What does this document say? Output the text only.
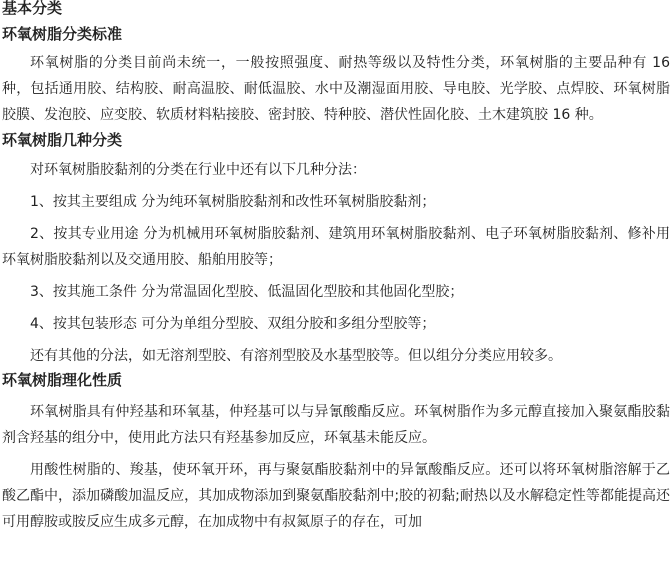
基本分类
环氧树脂分类标准
环氧树脂的分类目前尚未统一，一般按照强度、耐热等级以及特性分类，环氧树脂的主要品种有 16 种，包括通用胶、结构胶、耐高温胶、耐低温胶、水中及潮湿面用胶、导电胶、光学胶、点焊胶、环氧树脂胶膜、发泡胶、应变胶、软质材料粘接胶、密封胶、特种胶、潜伏性固化胶、土木建筑胶 16 种。
环氧树脂几种分类
对环氧树脂胶黏剂的分类在行业中还有以下几种分法：
1、按其主要组成 分为纯环氧树脂胶黏剂和改性环氧树脂胶黏剂；
2、按其专业用途 分为机械用环氧树脂胶黏剂、建筑用环氧树脂胶黏剂、电子环氧树脂胶黏剂、修补用环氧树脂胶黏剂以及交通用胶、船舶用胶等；
3、按其施工条件 分为常温固化型胶、低温固化型胶和其他固化型胶；
4、按其包装形态 可分为单组分型胶、双组分胶和多组分型胶等；
还有其他的分法，如无溶剂型胶、有溶剂型胶及水基型胶等。但以组分分类应用较多。
环氧树脂理化性质
环氧树脂具有仲羟基和环氧基，仲羟基可以与异氰酸酯反应。环氧树脂作为多元醇直接加入聚氨酯胶黏剂含羟基的组分中，使用此方法只有羟基参加反应，环氧基未能反应。
用酸性树脂的、羧基，使环氧开环，再与聚氨酯胶黏剂中的异氰酸酯反应。还可以将环氧树脂溶解于乙酸乙酯中，添加磷酸加温反应，其加成物添加到聚氨酯胶黏剂中;胶的初黏;耐热以及水解稳定性等都能提高还可用醇胺或胺反应生成多元醇，在加成物中有叔氮原子的存在，可加
